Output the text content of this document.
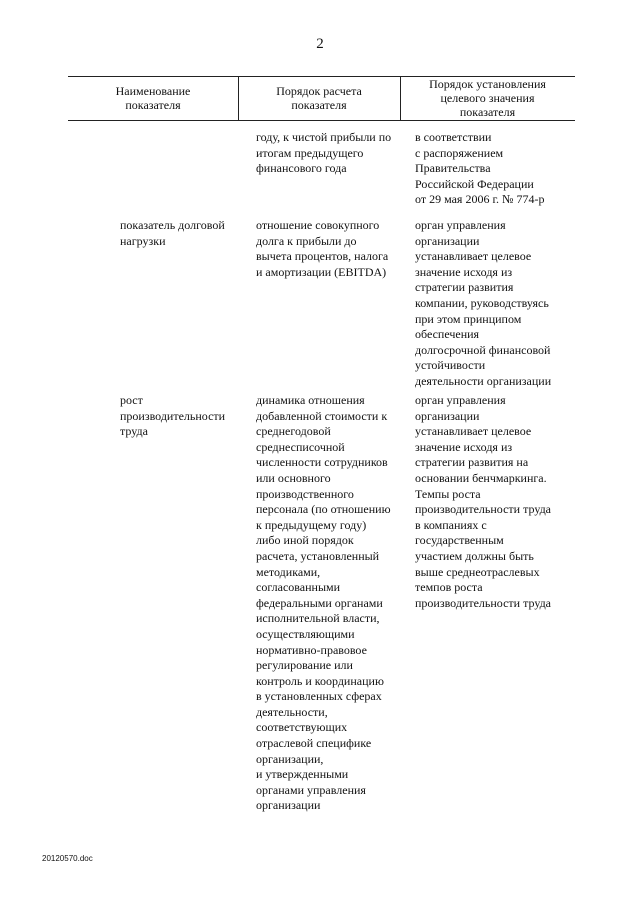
2
Наименование
показателя
Порядок расчета
показателя
Порядок установления
целевого значения
показателя
году, к чистой прибыли по
итогам предыдущего
финансового года
в соответствии
с распоряжением
Правительства
Российской Федерации
от 29 мая 2006 г. № 774-р
показатель долговой
нагрузки
отношение совокупного
долга к прибыли до
вычета процентов, налога
и амортизации (EBITDA)
орган управления
организации
устанавливает целевое
значение исходя из
стратегии развития
компании, руководствуясь
при этом принципом
обеспечения
долгосрочной финансовой
устойчивости
деятельности организации
рост
производительности
труда
динамика отношения
добавленной стоимости к
среднегодовой
среднесписочной
численности сотрудников
или основного
производственного
персонала (по отношению
к предыдущему году)
либо иной порядок
расчета, установленный
методиками,
согласованными
федеральными органами
исполнительной власти,
осуществляющими
нормативно-правовое
регулирование или
контроль и координацию
в установленных сферах
деятельности,
соответствующих
отраслевой специфике
организации,
и утвержденными
органами управления
организации
орган управления
организации
устанавливает целевое
значение исходя из
стратегии развития на
основании бенчмаркинга.
Темпы роста
производительности труда
в компаниях с
государственным
участием должны быть
выше среднеотраслевых
темпов роста
производительности труда
20120570.doc
